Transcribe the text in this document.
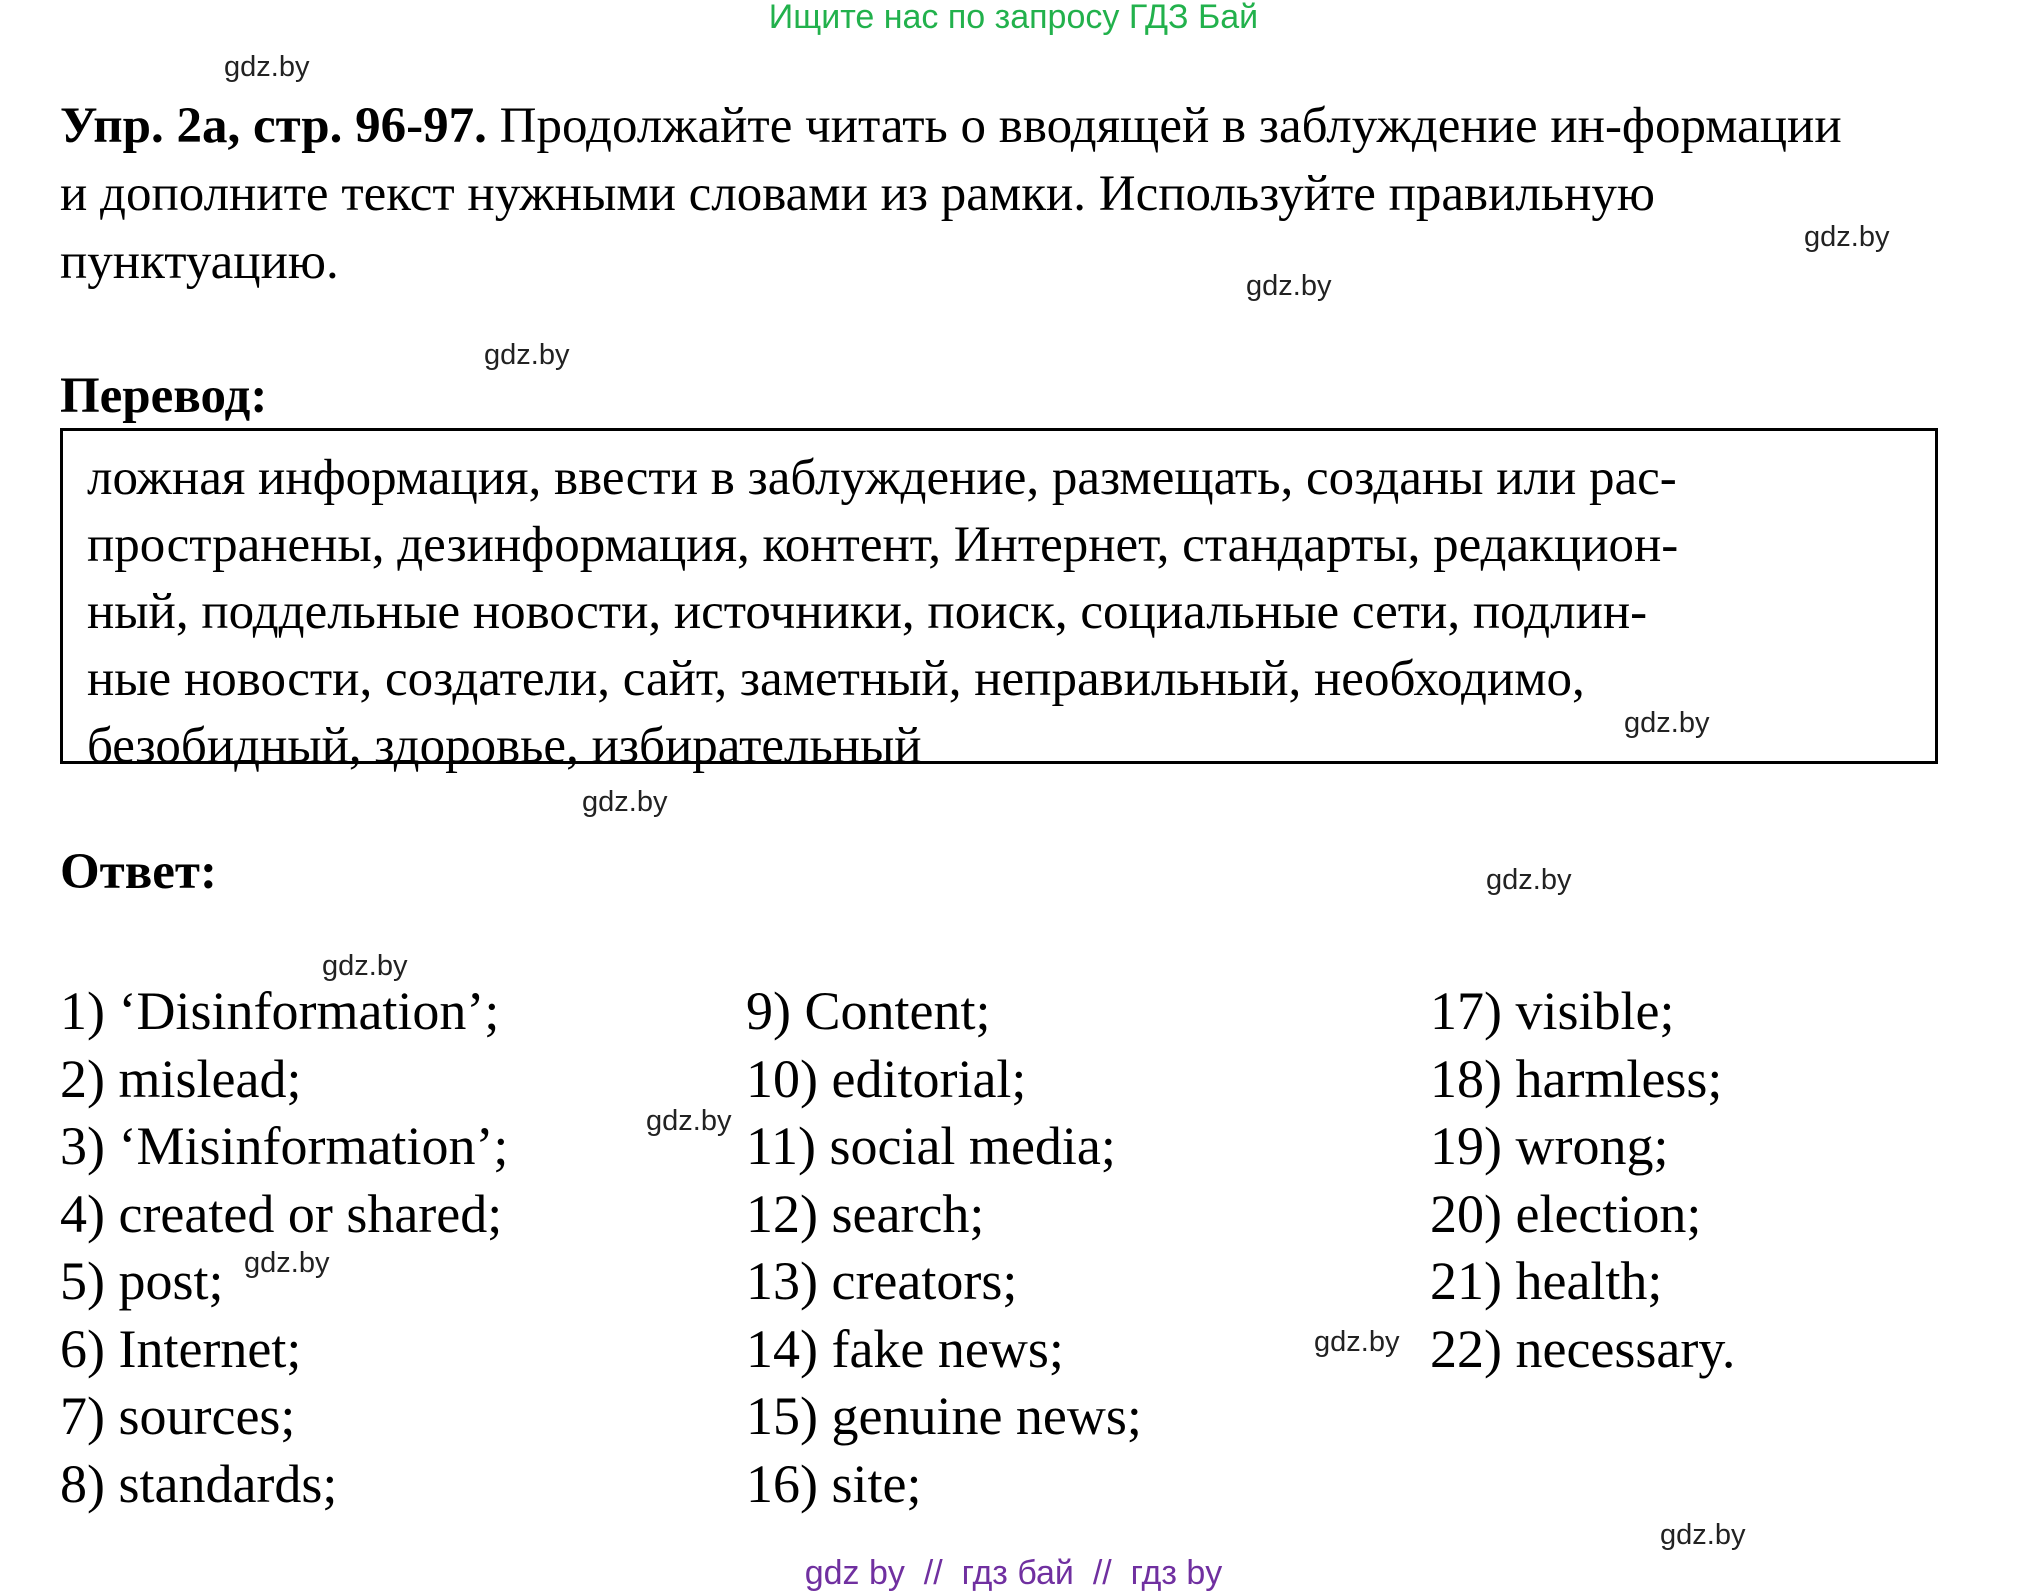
Ищите нас по запросу ГДЗ Бай
gdz.by
gdz.by
gdz.by
gdz.by
gdz.by
gdz.by
gdz.by
gdz.by
gdz.by
gdz.by
gdz.by
gdz.by
Упр. 2а, стр. 96-97. Продолжайте читать о вводящей в заблуждение ин-формации и дополните текст нужными словами из рамки. Используйте правильную пунктуацию.
Перевод:
ложная информация, ввести в заблуждение, размещать, созданы или рас-
пространены, дезинформация, контент, Интернет, стандарты, редакцион-
ный, поддельные новости, источники, поиск, социальные сети, подлин-
ные новости, создатели, сайт, заметный, неправильный, необходимо,
безобидный, здоровье, избирательный
Ответ:
1) ‘Disinformation’;
2) mislead;
3) ‘Misinformation’;
4) created or shared;
5) post;
6) Internet;
7) sources;
8) standards;
9) Content;
10) editorial;
11) social media;
12) search;
13) creators;
14) fake news;
15) genuine news;
16) site;
17) visible;
18) harmless;
19) wrong;
20) election;
21) health;
22) necessary.
gdz by  //  гдз бай  //  гдз by
